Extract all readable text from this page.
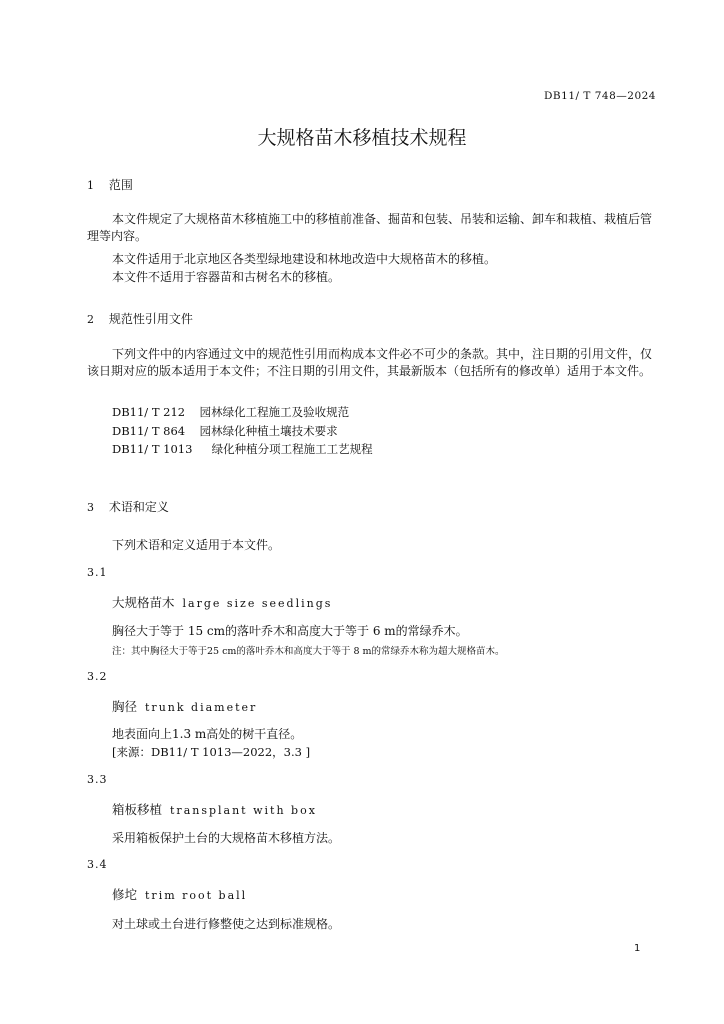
DB11/ T 748—2024
大规格苗木移植技术规程
1 范围
本文件规定了大规格苗木移植施工中的移植前准备、掘苗和包装、吊装和运输、卸车和栽植、栽植后管理等内容。
本文件适用于北京地区各类型绿地建设和林地改造中大规格苗木的移植。
本文件不适用于容器苗和古树名木的移植。
2 规范性引用文件
下列文件中的内容通过文中的规范性引用而构成本文件必不可少的条款。其中，注日期的引用文件，仅该日期对应的版本适用于本文件；不注日期的引用文件，其最新版本（包括所有的修改单）适用于本文件。
DB11/ T 212 园林绿化工程施工及验收规范
DB11/ T 864 园林绿化种植土壤技术要求
DB11/ T 1013 绿化种植分项工程施工工艺规程
3 术语和定义
下列术语和定义适用于本文件。
3.1
大规格苗木 large size seedlings
胸径大于等于 15 cm的落叶乔木和高度大于等于 6 m的常绿乔木。
注：其中胸径大于等于25 cm的落叶乔木和高度大于等于 8 m的常绿乔木称为超大规格苗木。
3.2
胸径 trunk diameter
地表面向上1.3 m高处的树干直径。
[来源：DB11/ T 1013—2022，3.3 ]
3.3
箱板移植 transplant with box
采用箱板保护土台的大规格苗木移植方法。
3.4
修坨 trim root ball
对土球或土台进行修整使之达到标准规格。
1
